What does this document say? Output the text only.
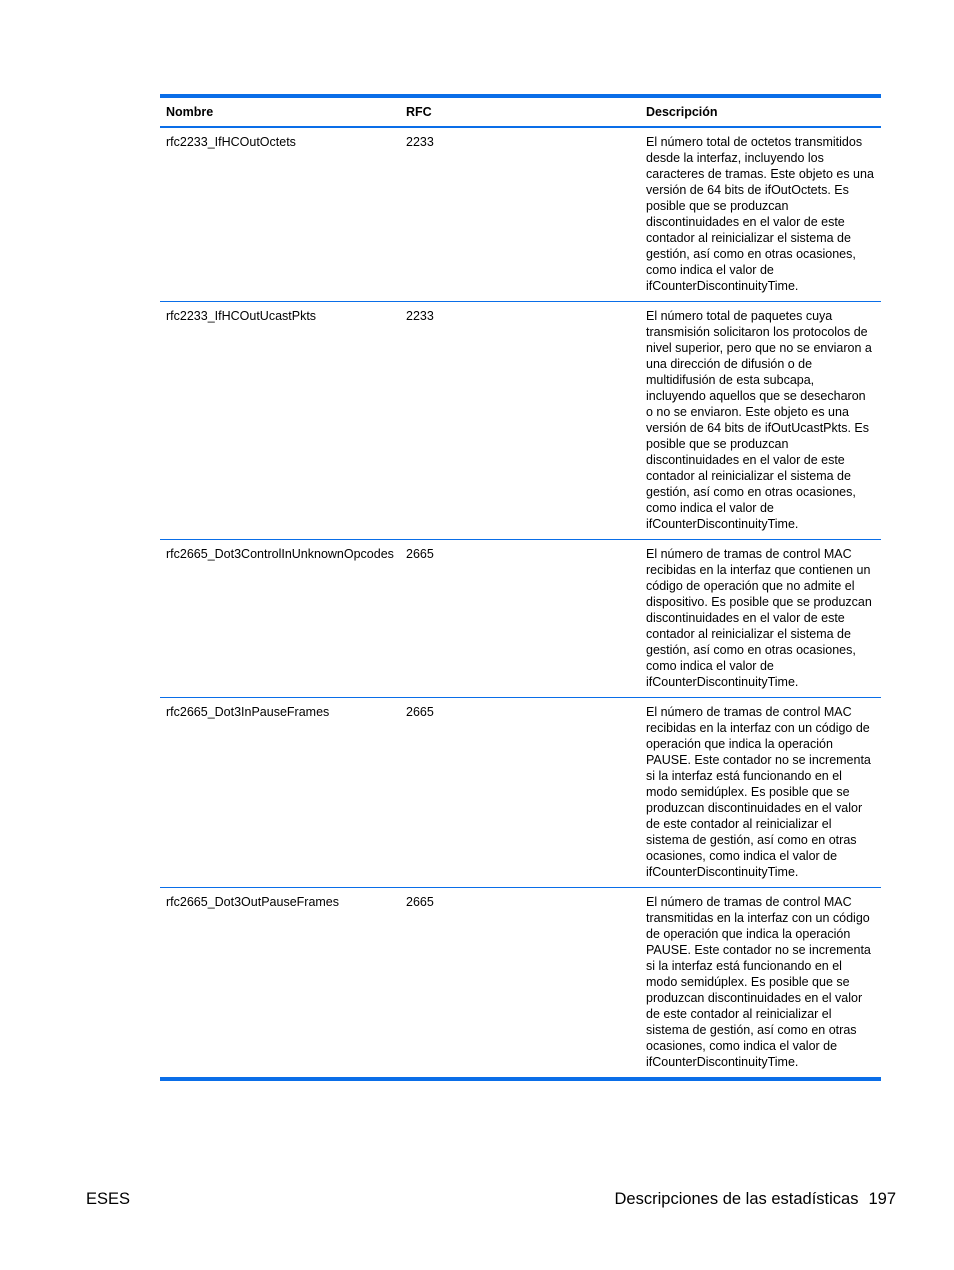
Nombre	RFC	Descripción
rfc2233_IfHCOutOctets	2233	El número total de octetos transmitidos desde la interfaz, incluyendo los caracteres de tramas. Este objeto es una versión de 64 bits de ifOutOctets. Es posible que se produzcan discontinuidades en el valor de este contador al reinicializar el sistema de gestión, así como en otras ocasiones, como indica el valor de ifCounterDiscontinuityTime.
rfc2233_IfHCOutUcastPkts	2233	El número total de paquetes cuya transmisión solicitaron los protocolos de nivel superior, pero que no se enviaron a una dirección de difusión o de multidifusión de esta subcapa, incluyendo aquellos que se desecharon o no se enviaron. Este objeto es una versión de 64 bits de ifOutUcastPkts. Es posible que se produzcan discontinuidades en el valor de este contador al reinicializar el sistema de gestión, así como en otras ocasiones, como indica el valor de ifCounterDiscontinuityTime.
rfc2665_Dot3ControlInUnknownOpcodes	2665	El número de tramas de control MAC recibidas en la interfaz que contienen un código de operación que no admite el dispositivo. Es posible que se produzcan discontinuidades en el valor de este contador al reinicializar el sistema de gestión, así como en otras ocasiones, como indica el valor de ifCounterDiscontinuityTime.
rfc2665_Dot3InPauseFrames	2665	El número de tramas de control MAC recibidas en la interfaz con un código de operación que indica la operación PAUSE. Este contador no se incrementa si la interfaz está funcionando en el modo semidúplex. Es posible que se produzcan discontinuidades en el valor de este contador al reinicializar el sistema de gestión, así como en otras ocasiones, como indica el valor de ifCounterDiscontinuityTime.
rfc2665_Dot3OutPauseFrames	2665	El número de tramas de control MAC transmitidas en la interfaz con un código de operación que indica la operación PAUSE. Este contador no se incrementa si la interfaz está funcionando en el modo semidúplex. Es posible que se produzcan discontinuidades en el valor de este contador al reinicializar el sistema de gestión, así como en otras ocasiones, como indica el valor de ifCounterDiscontinuityTime.
ESES	Descripciones de las estadísticas 197
